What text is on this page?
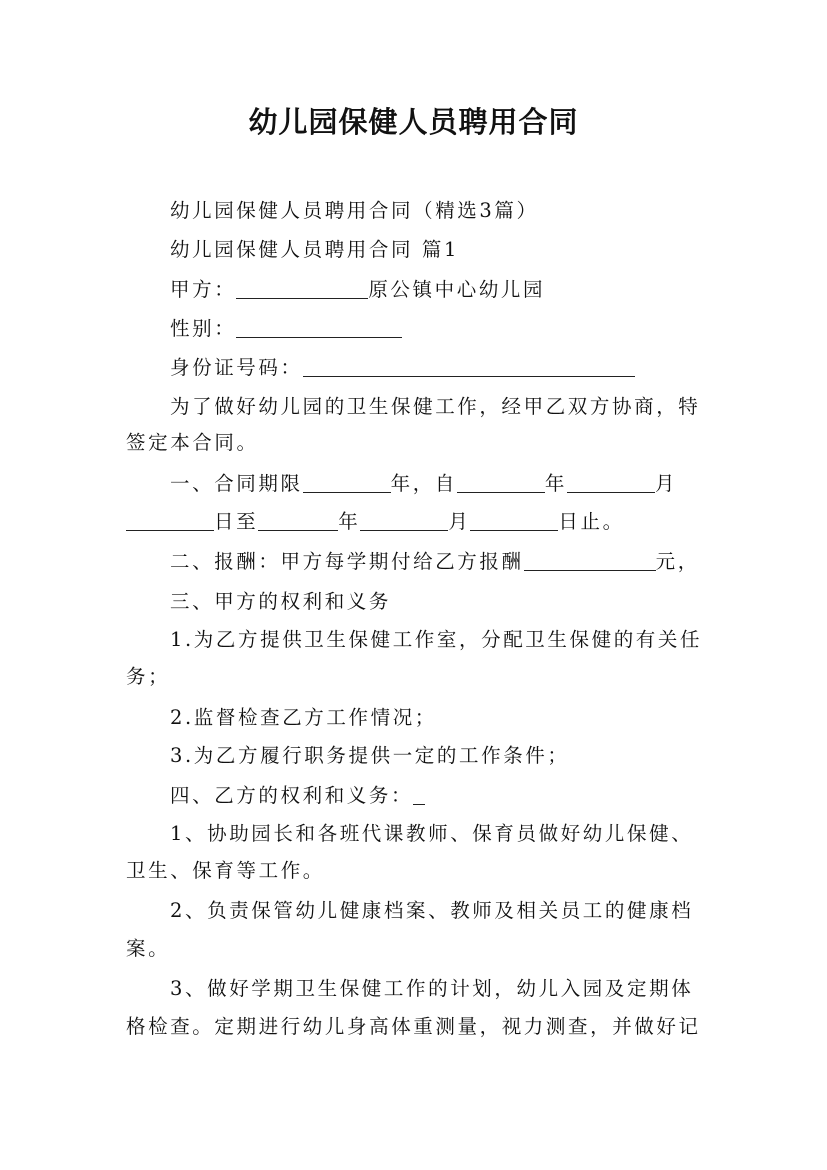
幼儿园保健人员聘用合同
幼儿园保健人员聘用合同（精选3篇）
幼儿园保健人员聘用合同 篇1
甲方：	原公镇中心幼儿园
性别：
身份证号码：
为了做好幼儿园的卫生保健工作，经甲乙双方协商，特
签定本合同。
一、合同期限	年，自	年	月
日至	年	月	日止。
二、报酬：甲方每学期付给乙方报酬	元，
三、甲方的权利和义务
1.为乙方提供卫生保健工作室，分配卫生保健的有关任
务；
2.监督检查乙方工作情况；
3.为乙方履行职务提供一定的工作条件；
四、乙方的权利和义务：
1、协助园长和各班代课教师、保育员做好幼儿保健、
卫生、保育等工作。
2、负责保管幼儿健康档案、教师及相关员工的健康档
案。
3、做好学期卫生保健工作的计划，幼儿入园及定期体
格检查。定期进行幼儿身高体重测量，视力测查，并做好记
